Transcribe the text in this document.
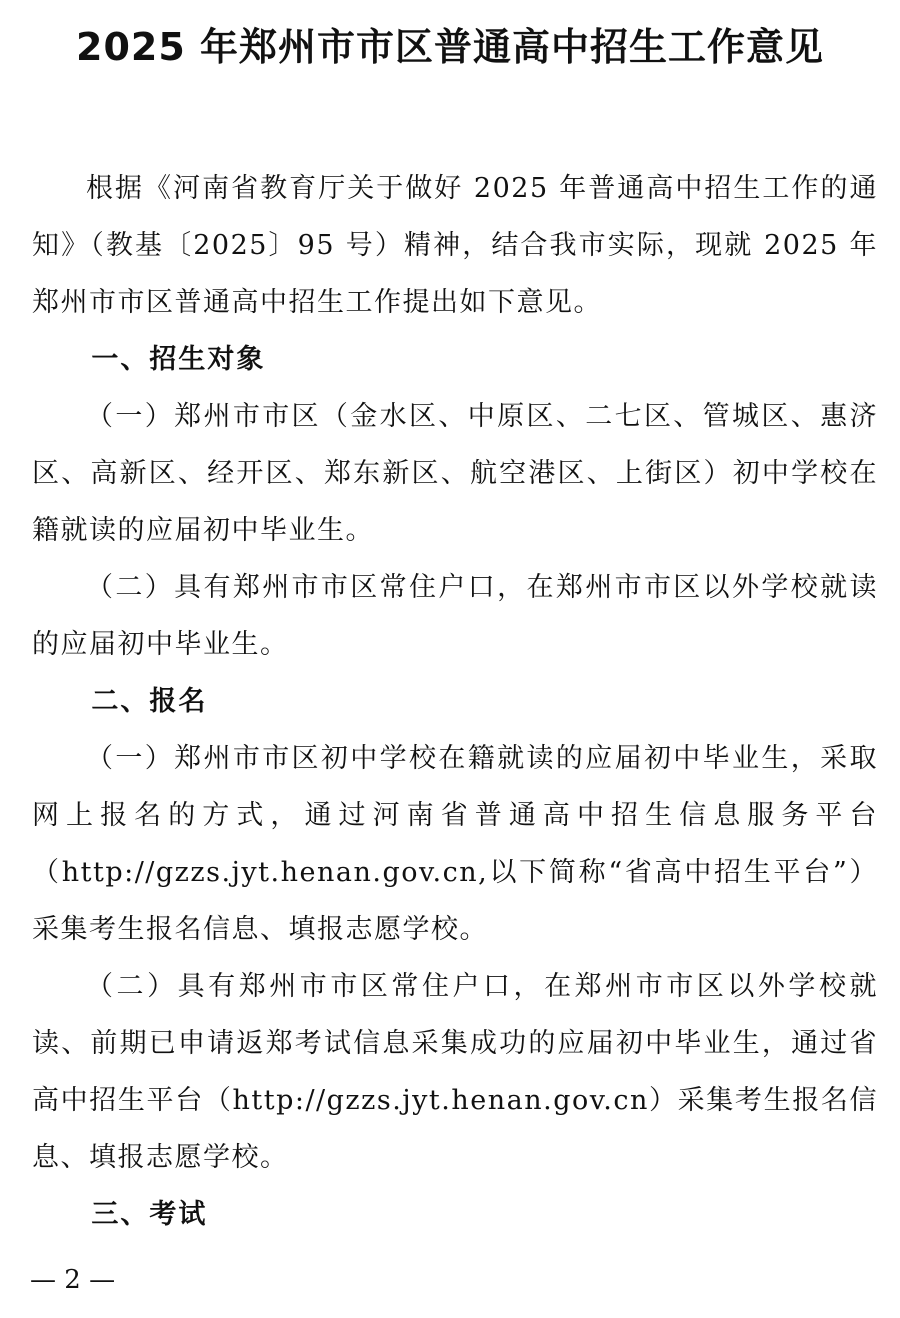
2025 年郑州市市区普通高中招生工作意见

根据《河南省教育厅关于做好 2025 年普通高中招生工作的通知》（教基〔2025〕95 号）精神，结合我市实际，现就 2025 年郑州市市区普通高中招生工作提出如下意见。

一、招生对象

（一）郑州市市区（金水区、中原区、二七区、管城区、惠济区、高新区、经开区、郑东新区、航空港区、上街区）初中学校在籍就读的应届初中毕业生。

（二）具有郑州市市区常住户口，在郑州市市区以外学校就读的应届初中毕业生。

二、报名

（一）郑州市市区初中学校在籍就读的应届初中毕业生，采取网上报名的方式，通过河南省普通高中招生信息服务平台（http://gzzs.jyt.henan.gov.cn,以下简称“省高中招生平台”）采集考生报名信息、填报志愿学校。

（二）具有郑州市市区常住户口，在郑州市市区以外学校就读、前期已申请返郑考试信息采集成功的应届初中毕业生，通过省高中招生平台（http://gzzs.jyt.henan.gov.cn）采集考生报名信息、填报志愿学校。

三、考试
— 2 —
